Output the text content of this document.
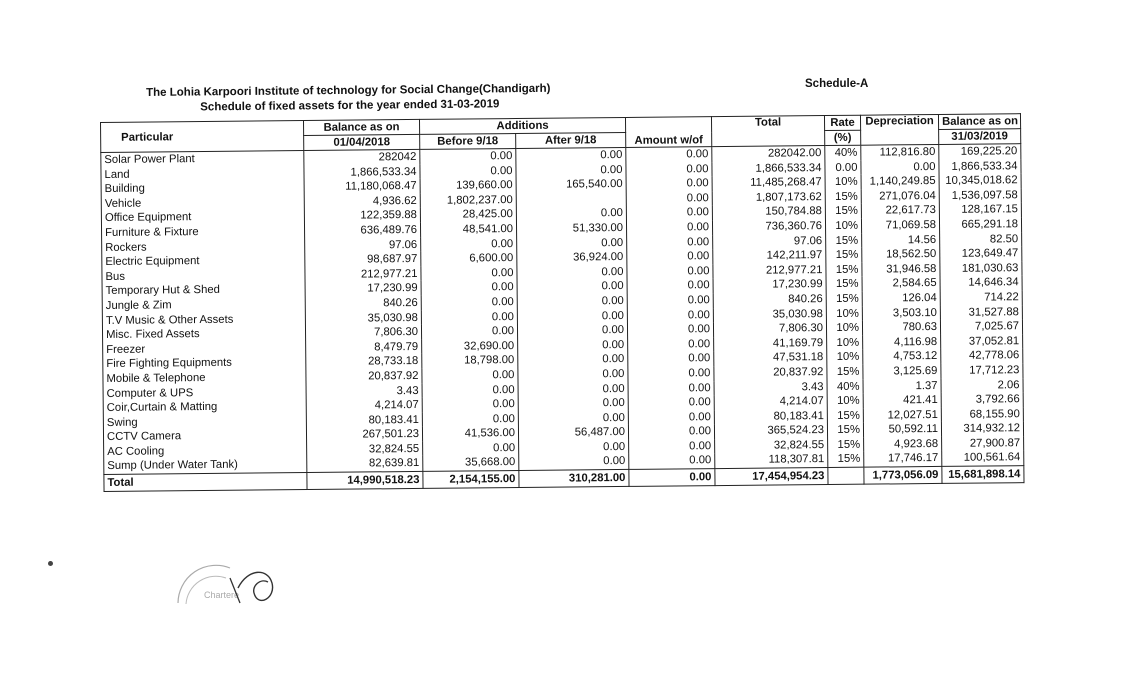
The Lohia Karpoori Institute of technology for Social Change(Chandigarh)
Schedule of fixed assets for the year ended 31-03-2019
Schedule-A
Particular	Balance as on	Additions		Amount w/of	Total	Rate	Depreciation	Balance as on
	01/04/2018	Before 9/18	After 9/18			(%)		31/03/2019
Solar Power Plant	282042	0.00	0.00	0.00	282042.00	40%	112,816.80	169,225.20
Land	1,866,533.34	0.00	0.00	0.00	1,866,533.34	0.00	0.00	1,866,533.34
Building	11,180,068.47	139,660.00	165,540.00	0.00	11,485,268.47	10%	1,140,249.85	10,345,018.62
Vehicle	4,936.62	1,802,237.00		0.00	1,807,173.62	15%	271,076.04	1,536,097.58
Office Equipment	122,359.88	28,425.00	0.00	0.00	150,784.88	15%	22,617.73	128,167.15
Furniture & Fixture	636,489.76	48,541.00	51,330.00	0.00	736,360.76	10%	71,069.58	665,291.18
Rockers	97.06	0.00	0.00	0.00	97.06	15%	14.56	82.50
Electric Equipment	98,687.97	6,600.00	36,924.00	0.00	142,211.97	15%	18,562.50	123,649.47
Bus	212,977.21	0.00	0.00	0.00	212,977.21	15%	31,946.58	181,030.63
Temporary Hut & Shed	17,230.99	0.00	0.00	0.00	17,230.99	15%	2,584.65	14,646.34
Jungle & Zim	840.26	0.00	0.00	0.00	840.26	15%	126.04	714.22
T.V Music & Other Assets	35,030.98	0.00	0.00	0.00	35,030.98	10%	3,503.10	31,527.88
Misc. Fixed Assets	7,806.30	0.00	0.00	0.00	7,806.30	10%	780.63	7,025.67
Freezer	8,479.79	32,690.00	0.00	0.00	41,169.79	10%	4,116.98	37,052.81
Fire Fighting Equipments	28,733.18	18,798.00	0.00	0.00	47,531.18	10%	4,753.12	42,778.06
Mobile & Telephone	20,837.92	0.00	0.00	0.00	20,837.92	15%	3,125.69	17,712.23
Computer & UPS	3.43	0.00	0.00	0.00	3.43	40%	1.37	2.06
Coir,Curtain & Matting	4,214.07	0.00	0.00	0.00	4,214.07	10%	421.41	3,792.66
Swing	80,183.41	0.00	0.00	0.00	80,183.41	15%	12,027.51	68,155.90
CCTV Camera	267,501.23	41,536.00	56,487.00	0.00	365,524.23	15%	50,592.11	314,932.12
AC Cooling	32,824.55	0.00	0.00	0.00	32,824.55	15%	4,923.68	27,900.87
Sump (Under Water Tank)	82,639.81	35,668.00	0.00	0.00	118,307.81	15%	17,746.17	100,561.64
Total	14,990,518.23	2,154,155.00	310,281.00	0.00	17,454,954.23		1,773,056.09	15,681,898.14
Chartere
